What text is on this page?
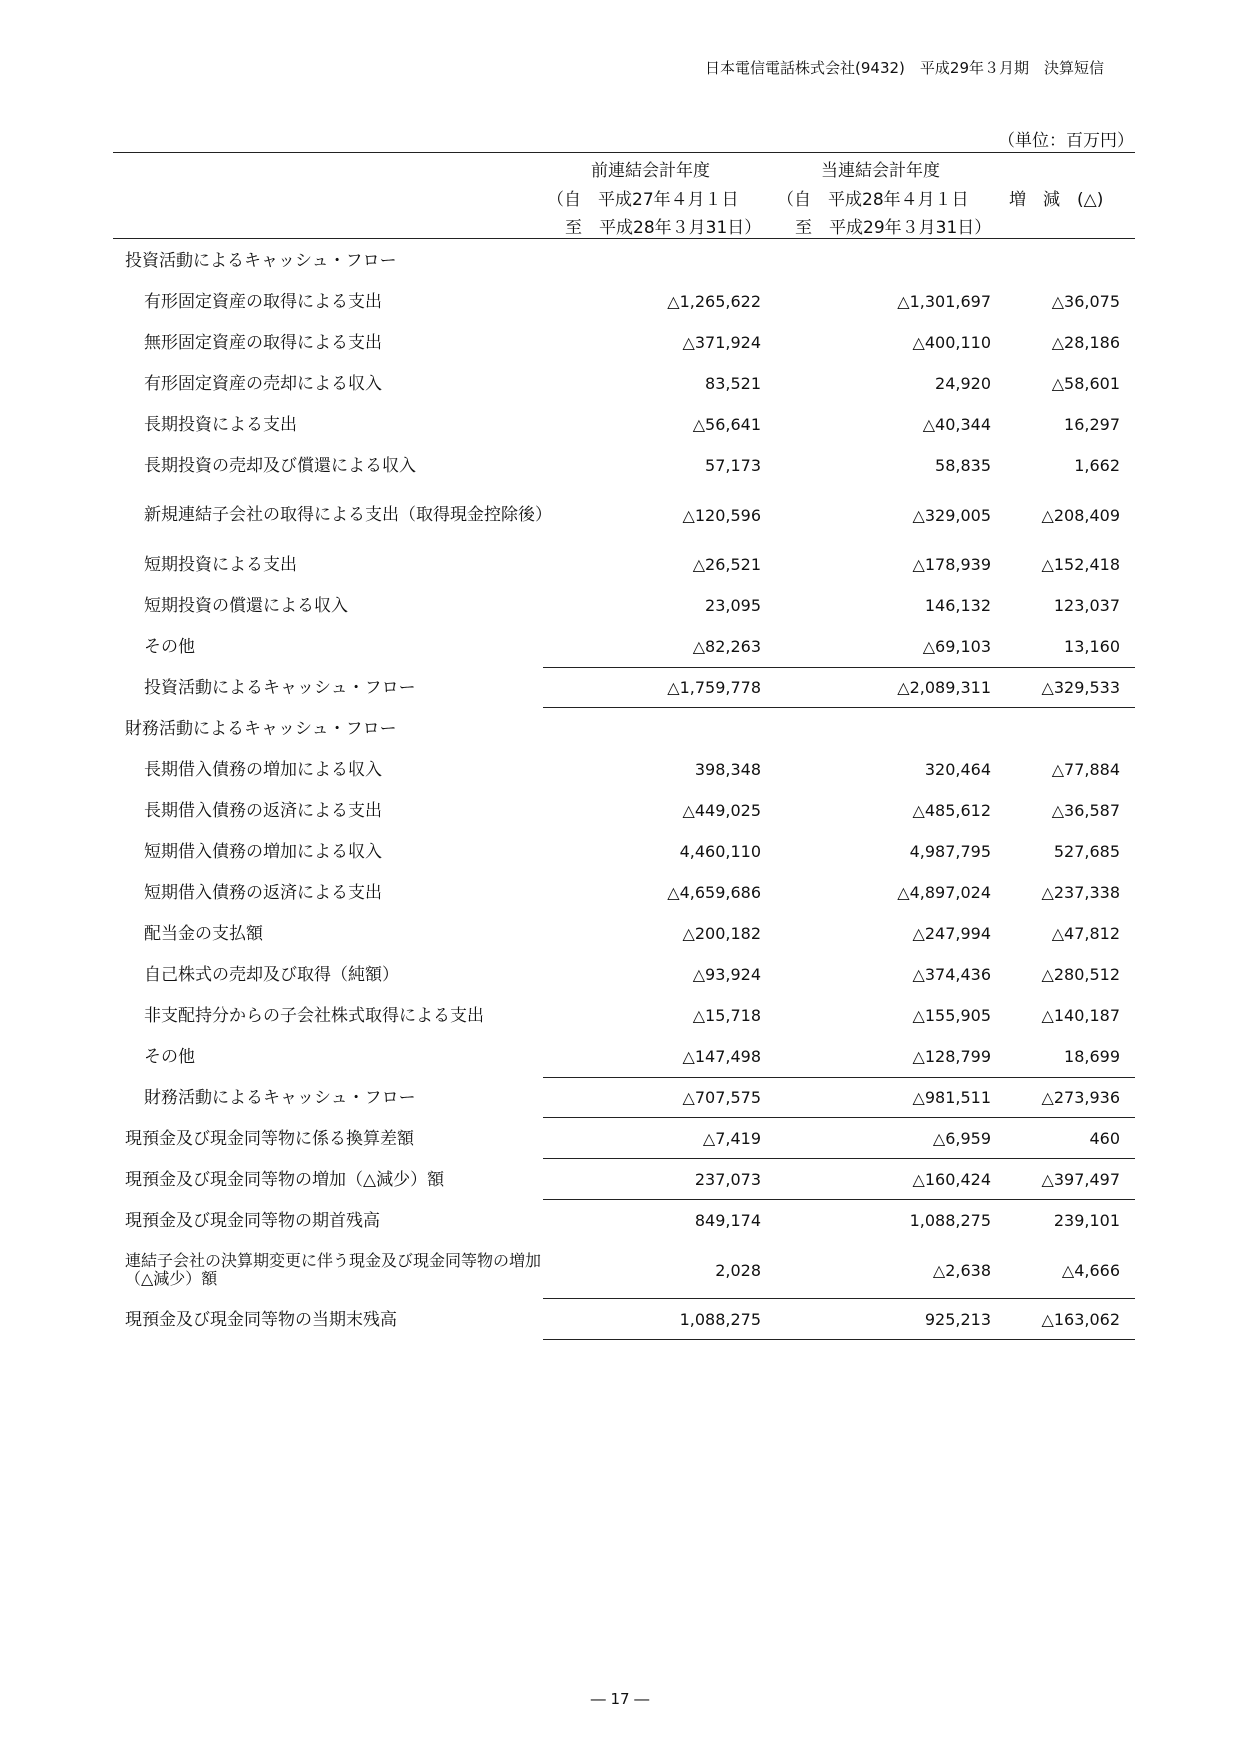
日本電信電話株式会社(9432)　平成29年３月期　決算短信
（単位：百万円）
前連結会計年度
（自　平成27年４月１日
至　平成28年３月31日）
当連結会計年度
（自　平成28年４月１日
至　平成29年３月31日）
増　減　(△)
投資活動によるキャッシュ・フロー
有形固定資産の取得による支出	△1,265,622	△1,301,697	△36,075
無形固定資産の取得による支出	△371,924	△400,110	△28,186
有形固定資産の売却による収入	83,521	24,920	△58,601
長期投資による支出	△56,641	△40,344	16,297
長期投資の売却及び償還による収入	57,173	58,835	1,662
新規連結子会社の取得による支出（取得現金控除後）	△120,596	△329,005	△208,409
短期投資による支出	△26,521	△178,939	△152,418
短期投資の償還による収入	23,095	146,132	123,037
その他	△82,263	△69,103	13,160
投資活動によるキャッシュ・フロー	△1,759,778	△2,089,311	△329,533
財務活動によるキャッシュ・フロー
長期借入債務の増加による収入	398,348	320,464	△77,884
長期借入債務の返済による支出	△449,025	△485,612	△36,587
短期借入債務の増加による収入	4,460,110	4,987,795	527,685
短期借入債務の返済による支出	△4,659,686	△4,897,024	△237,338
配当金の支払額	△200,182	△247,994	△47,812
自己株式の売却及び取得（純額）	△93,924	△374,436	△280,512
非支配持分からの子会社株式取得による支出	△15,718	△155,905	△140,187
その他	△147,498	△128,799	18,699
財務活動によるキャッシュ・フロー	△707,575	△981,511	△273,936
現預金及び現金同等物に係る換算差額	△7,419	△6,959	460
現預金及び現金同等物の増加（△減少）額	237,073	△160,424	△397,497
現預金及び現金同等物の期首残高	849,174	1,088,275	239,101
連結子会社の決算期変更に伴う現金及び現金同等物の増加（△減少）額	2,028	△2,638	△4,666
現預金及び現金同等物の当期末残高	1,088,275	925,213	△163,062
― 17 ―
